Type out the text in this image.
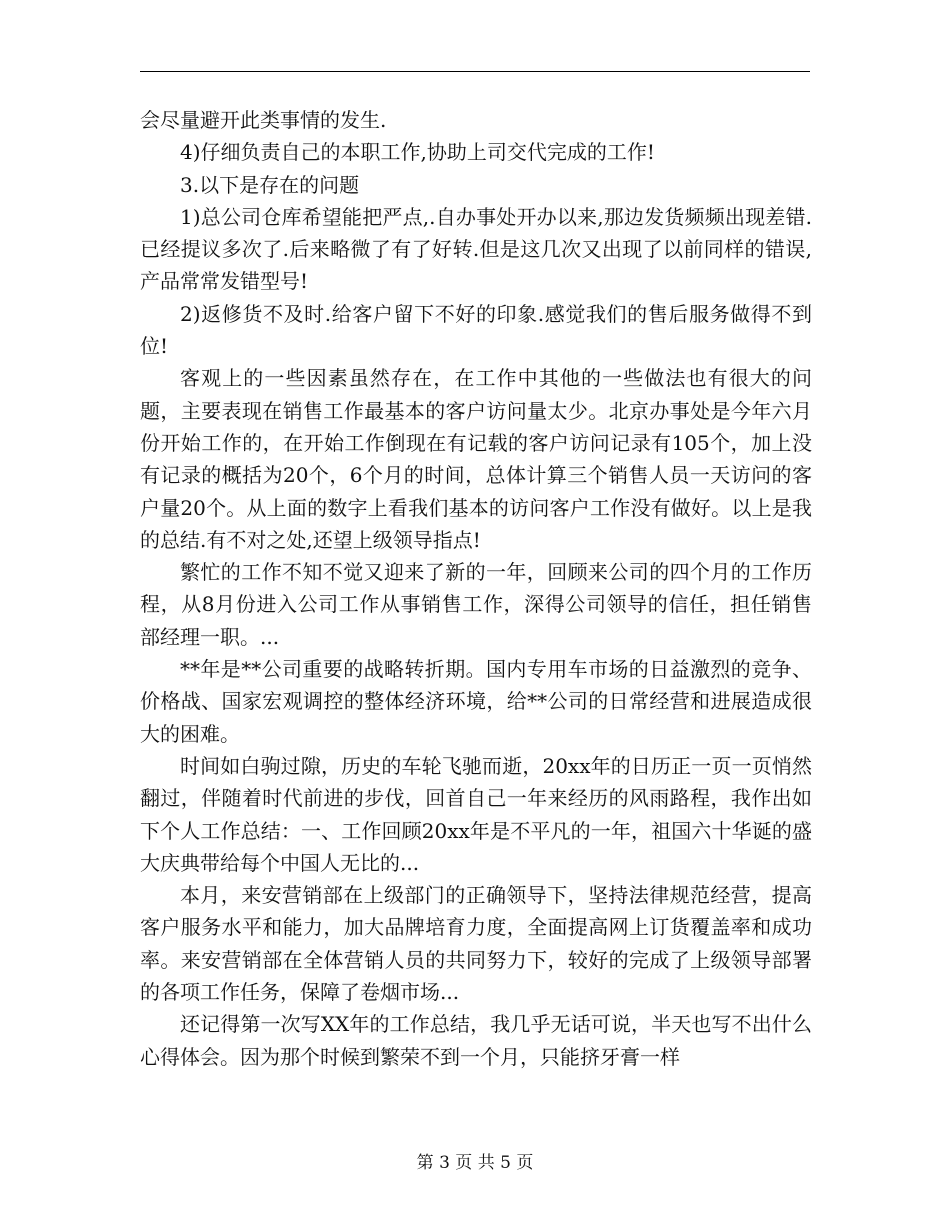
会尽量避开此类事情的发生.

4)仔细负责自己的本职工作,协助上司交代完成的工作!

3.以下是存在的问题

1)总公司仓库希望能把严点,.自办事处开办以来,那边发货频频出现差错.已经提议多次了.后来略微了有了好转.但是这几次又出现了以前同样的错误,产品常常发错型号!

2)返修货不及时.给客户留下不好的印象.感觉我们的售后服务做得不到位!

客观上的一些因素虽然存在，在工作中其他的一些做法也有很大的问题，主要表现在销售工作最基本的客户访问量太少。北京办事处是今年六月份开始工作的，在开始工作倒现在有记载的客户访问记录有105个，加上没有记录的概括为20个，6个月的时间，总体计算三个销售人员一天访问的客户量20个。从上面的数字上看我们基本的访问客户工作没有做好。以上是我的总结.有不对之处,还望上级领导指点!

繁忙的工作不知不觉又迎来了新的一年，回顾来公司的四个月的工作历程，从8月份进入公司工作从事销售工作，深得公司领导的信任，担任销售部经理一职。...

**年是**公司重要的战略转折期。国内专用车市场的日益激烈的竞争、价格战、国家宏观调控的整体经济环境，给**公司的日常经营和进展造成很大的困难。

时间如白驹过隙，历史的车轮飞驰而逝，20xx年的日历正一页一页悄然翻过，伴随着时代前进的步伐，回首自己一年来经历的风雨路程，我作出如下个人工作总结：一、工作回顾20xx年是不平凡的一年，祖国六十华诞的盛大庆典带给每个中国人无比的...

本月，来安营销部在上级部门的正确领导下，坚持法律规范经营，提高客户服务水平和能力，加大品牌培育力度，全面提高网上订货覆盖率和成功率。来安营销部在全体营销人员的共同努力下，较好的完成了上级领导部署的各项工作任务，保障了卷烟市场...

还记得第一次写XX年的工作总结，我几乎无话可说，半天也写不出什么心得体会。因为那个时候到繁荣不到一个月，只能挤牙膏一样

第 3 页 共 5 页
